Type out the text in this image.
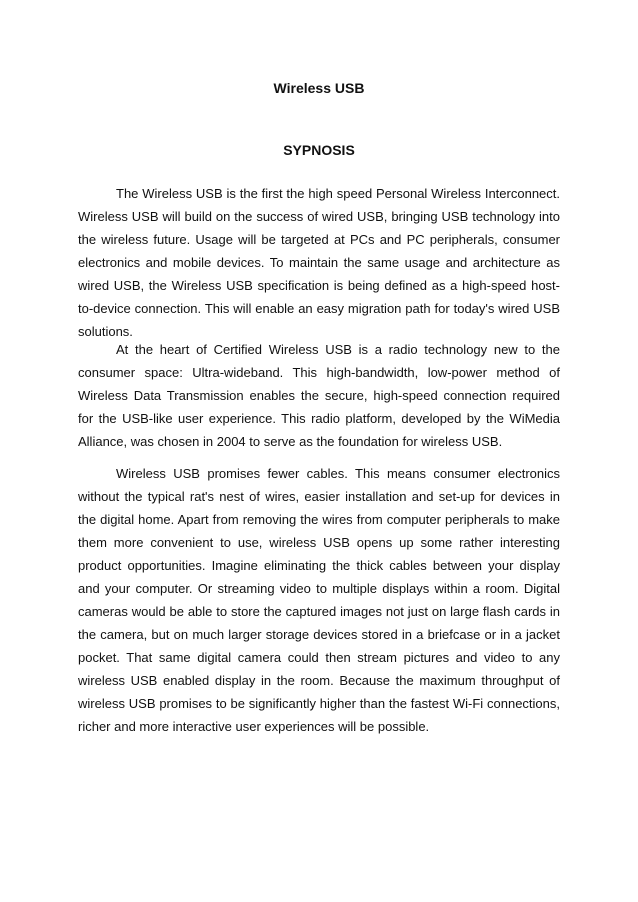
Wireless USB
SYPNOSIS

The Wireless USB is the first the high speed Personal Wireless Interconnect. Wireless USB will build on the success of wired USB, bringing USB technology into the wireless future. Usage will be targeted at PCs and PC peripherals, consumer electronics and mobile devices. To maintain the same usage and architecture as wired USB, the Wireless USB specification is being defined as a high-speed host-to-device connection. This will enable an easy migration path for today's wired USB solutions.

At the heart of Certified Wireless USB is a radio technology new to the consumer space: Ultra-wideband. This high-bandwidth, low-power method of Wireless Data Transmission enables the secure, high-speed connection required for the USB-like user experience. This radio platform, developed by the WiMedia Alliance, was chosen in 2004 to serve as the foundation for wireless USB.

Wireless USB promises fewer cables. This means consumer electronics without the typical rat's nest of wires, easier installation and set-up for devices in the digital home. Apart from removing the wires from computer peripherals to make them more convenient to use, wireless USB opens up some rather interesting product opportunities. Imagine eliminating the thick cables between your display and your computer. Or streaming video to multiple displays within a room. Digital cameras would be able to store the captured images not just on large flash cards in the camera, but on much larger storage devices stored in a briefcase or in a jacket pocket. That same digital camera could then stream pictures and video to any wireless USB enabled display in the room. Because the maximum throughput of wireless USB promises to be significantly higher than the fastest Wi-Fi connections, richer and more interactive user experiences will be possible.
